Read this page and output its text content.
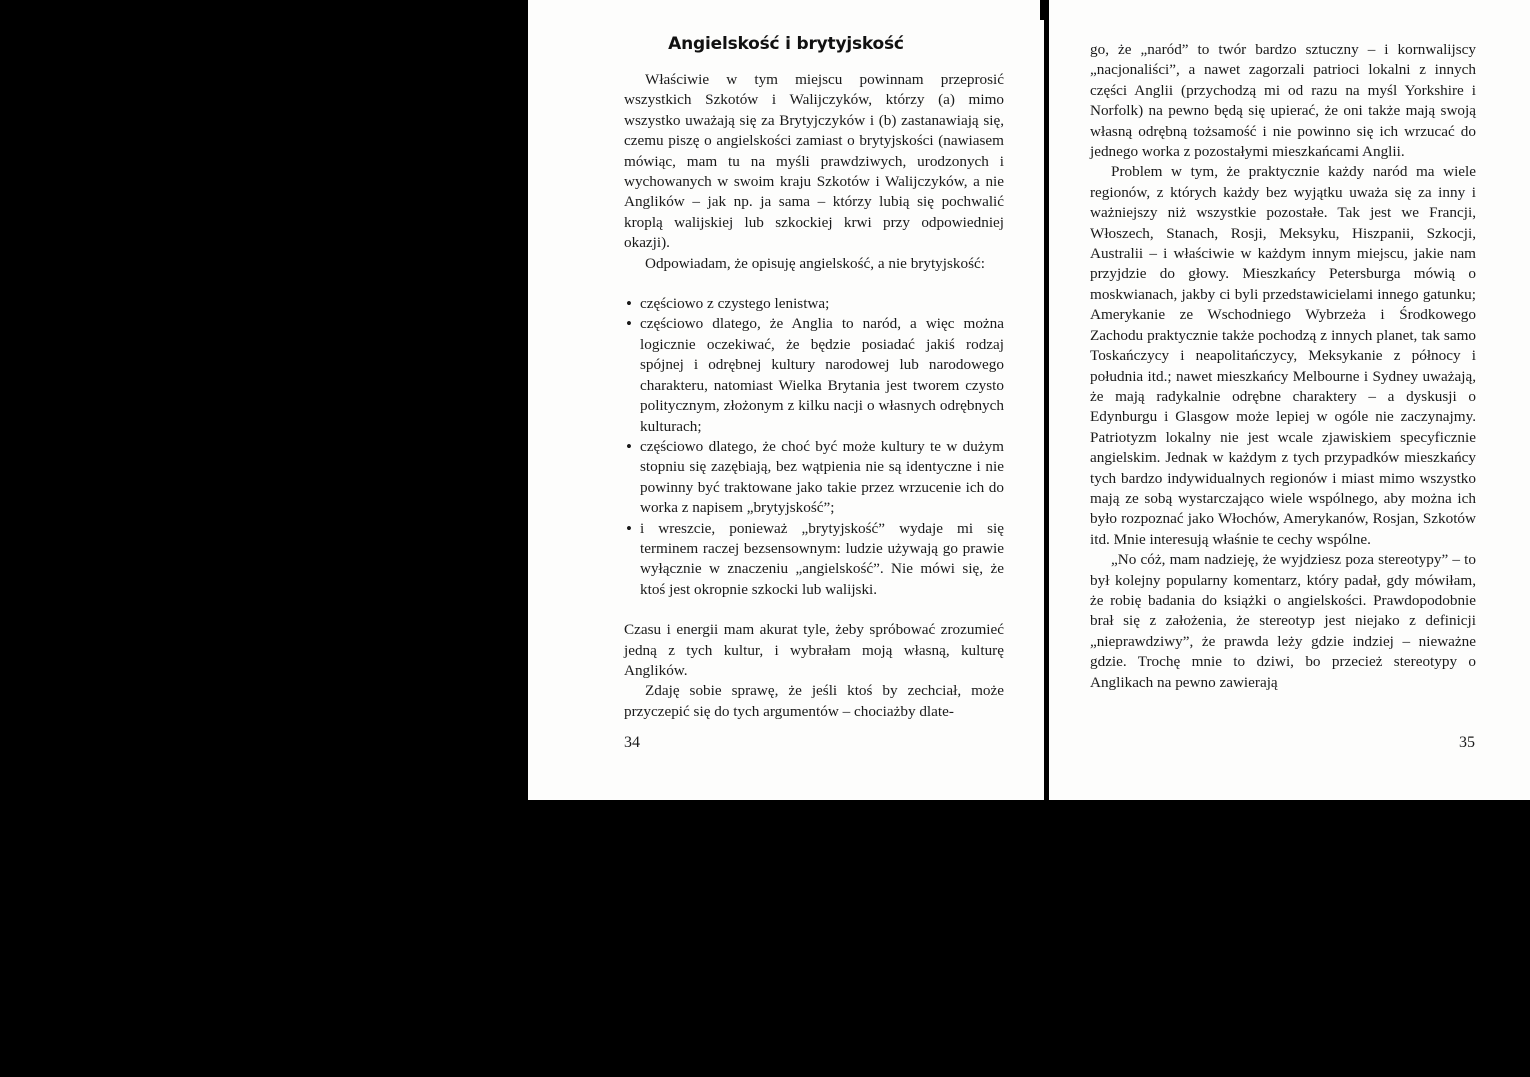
Angielskość i brytyjskość

Właściwie w tym miejscu powinnam przeprosić wszystkich Szkotów i Walijczyków, którzy (a) mimo wszystko uważają się za Brytyjczyków i (b) zastanawiają się, czemu piszę o angielskości zamiast o brytyjskości (nawiasem mówiąc, mam tu na myśli prawdziwych, urodzonych i wychowanych w swoim kraju Szkotów i Walijczyków, a nie Anglików – jak np. ja sama – którzy lubią się pochwalić kroplą walijskiej lub szkockiej krwi przy odpowiedniej okazji).

Odpowiadam, że opisuję angielskość, a nie brytyjskość:

• częściowo z czystego lenistwa;
• częściowo dlatego, że Anglia to naród, a więc można logicznie oczekiwać, że będzie posiadać jakiś rodzaj spójnej i odrębnej kultury narodowej lub narodowego charakteru, natomiast Wielka Brytania jest tworem czysto politycznym, złożonym z kilku nacji o własnych odrębnych kulturach;
• częściowo dlatego, że choć być może kultury te w dużym stopniu się zazębiają, bez wątpienia nie są identyczne i nie powinny być traktowane jako takie przez wrzucenie ich do worka z napisem „brytyjskość”;
• i wreszcie, ponieważ „brytyjskość” wydaje mi się terminem raczej bezsensownym: ludzie używają go prawie wyłącznie w znaczeniu „angielskość”. Nie mówi się, że ktoś jest okropnie szkocki lub walijski.

Czasu i energii mam akurat tyle, żeby spróbować zrozumieć jedną z tych kultur, i wybrałam moją własną, kulturę Anglików.

Zdaję sobie sprawę, że jeśli ktoś by zechciał, może przyczepić się do tych argumentów – chociażby dlate-

34

go, że „naród” to twór bardzo sztuczny – i kornwalijscy „nacjonaliści”, a nawet zagorzali patrioci lokalni z innych części Anglii (przychodzą mi od razu na myśl Yorkshire i Norfolk) na pewno będą się upierać, że oni także mają swoją własną odrębną tożsamość i nie powinno się ich wrzucać do jednego worka z pozostałymi mieszkańcami Anglii.

Problem w tym, że praktycznie każdy naród ma wiele regionów, z których każdy bez wyjątku uważa się za inny i ważniejszy niż wszystkie pozostałe. Tak jest we Francji, Włoszech, Stanach, Rosji, Meksyku, Hiszpanii, Szkocji, Australii – i właściwie w każdym innym miejscu, jakie nam przyjdzie do głowy. Mieszkańcy Petersburga mówią o moskwianach, jakby ci byli przedstawicielami innego gatunku; Amerykanie ze Wschodniego Wybrzeża i Środkowego Zachodu praktycznie także pochodzą z innych planet, tak samo Toskańczycy i neapolitańczycy, Meksykanie z północy i południa itd.; nawet mieszkańcy Melbourne i Sydney uważają, że mają radykalnie odrębne charaktery – a dyskusji o Edynburgu i Glasgow może lepiej w ogóle nie zaczynajmy. Patriotyzm lokalny nie jest wcale zjawiskiem specyficznie angielskim. Jednak w każdym z tych przypadków mieszkańcy tych bardzo indywidualnych regionów i miast mimo wszystko mają ze sobą wystarczająco wiele wspólnego, aby można ich było rozpoznać jako Włochów, Amerykanów, Rosjan, Szkotów itd. Mnie interesują właśnie te cechy wspólne.

„No cóż, mam nadzieję, że wyjdziesz poza stereotypy” – to był kolejny popularny komentarz, który padał, gdy mówiłam, że robię badania do książki o angielskości. Prawdopodobnie brał się z założenia, że stereotyp jest niejako z definicji „nieprawdziwy”, że prawda leży gdzie indziej – nieważne gdzie. Trochę mnie to dziwi, bo przecież stereotypy o Anglikach na pewno zawierają

35
